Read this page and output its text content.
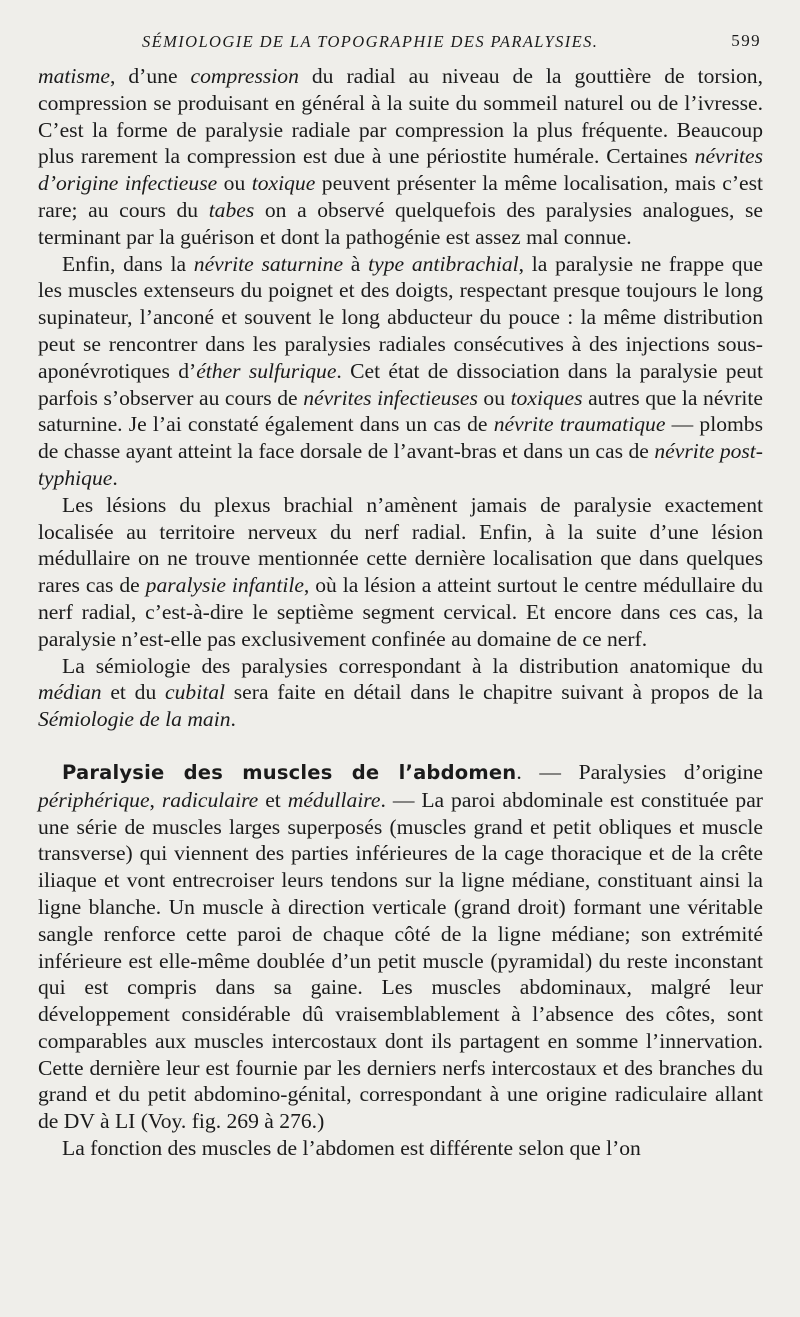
SÉMIOLOGIE DE LA TOPOGRAPHIE DES PARALYSIES.	599

matisme, d’une compression du radial au niveau de la gouttière de torsion, compression se produisant en général à la suite du sommeil naturel ou de l’ivresse. C’est la forme de paralysie radiale par compression la plus fréquente. Beaucoup plus rarement la compression est due à une périostite humérale. Certaines névrites d’origine infectieuse ou toxique peuvent présenter la même localisation, mais c’est rare; au cours du tabes on a observé quelquefois des paralysies analogues, se terminant par la guérison et dont la pathogénie est assez mal connue.

Enfin, dans la névrite saturnine à type antibrachial, la paralysie ne frappe que les muscles extenseurs du poignet et des doigts, respectant presque toujours le long supinateur, l’anconé et souvent le long abducteur du pouce : la même distribution peut se rencontrer dans les paralysies radiales consécutives à des injections sous-aponévrotiques d’éther sulfurique. Cet état de dissociation dans la paralysie peut parfois s’observer au cours de névrites infectieuses ou toxiques autres que la névrite saturnine. Je l’ai constaté également dans un cas de névrite traumatique — plombs de chasse ayant atteint la face dorsale de l’avant-bras et dans un cas de névrite post-typhique.

Les lésions du plexus brachial n’amènent jamais de paralysie exactement localisée au territoire nerveux du nerf radial. Enfin, à la suite d’une lésion médullaire on ne trouve mentionnée cette dernière localisation que dans quelques rares cas de paralysie infantile, où la lésion a atteint surtout le centre médullaire du nerf radial, c’est-à-dire le septième segment cervical. Et encore dans ces cas, la paralysie n’est-elle pas exclusivement confinée au domaine de ce nerf.

La sémiologie des paralysies correspondant à la distribution anatomique du médian et du cubital sera faite en détail dans le chapitre suivant à propos de la Sémiologie de la main.

Paralysie des muscles de l’abdomen. — Paralysies d’origine périphérique, radiculaire et médullaire. — La paroi abdominale est constituée par une série de muscles larges superposés (muscles grand et petit obliques et muscle transverse) qui viennent des parties inférieures de la cage thoracique et de la crête iliaque et vont entrecroiser leurs tendons sur la ligne médiane, constituant ainsi la ligne blanche. Un muscle à direction verticale (grand droit) formant une véritable sangle renforce cette paroi de chaque côté de la ligne médiane; son extrémité inférieure est elle-même doublée d’un petit muscle (pyramidal) du reste inconstant qui est compris dans sa gaine. Les muscles abdominaux, malgré leur développement considérable dû vraisemblablement à l’absence des côtes, sont comparables aux muscles intercostaux dont ils partagent en somme l’innervation. Cette dernière leur est fournie par les derniers nerfs intercostaux et des branches du grand et du petit abdomino-génital, correspondant à une origine radiculaire allant de DV à LI (Voy. fig. 269 à 276.)

La fonction des muscles de l’abdomen est différente selon que l’on
